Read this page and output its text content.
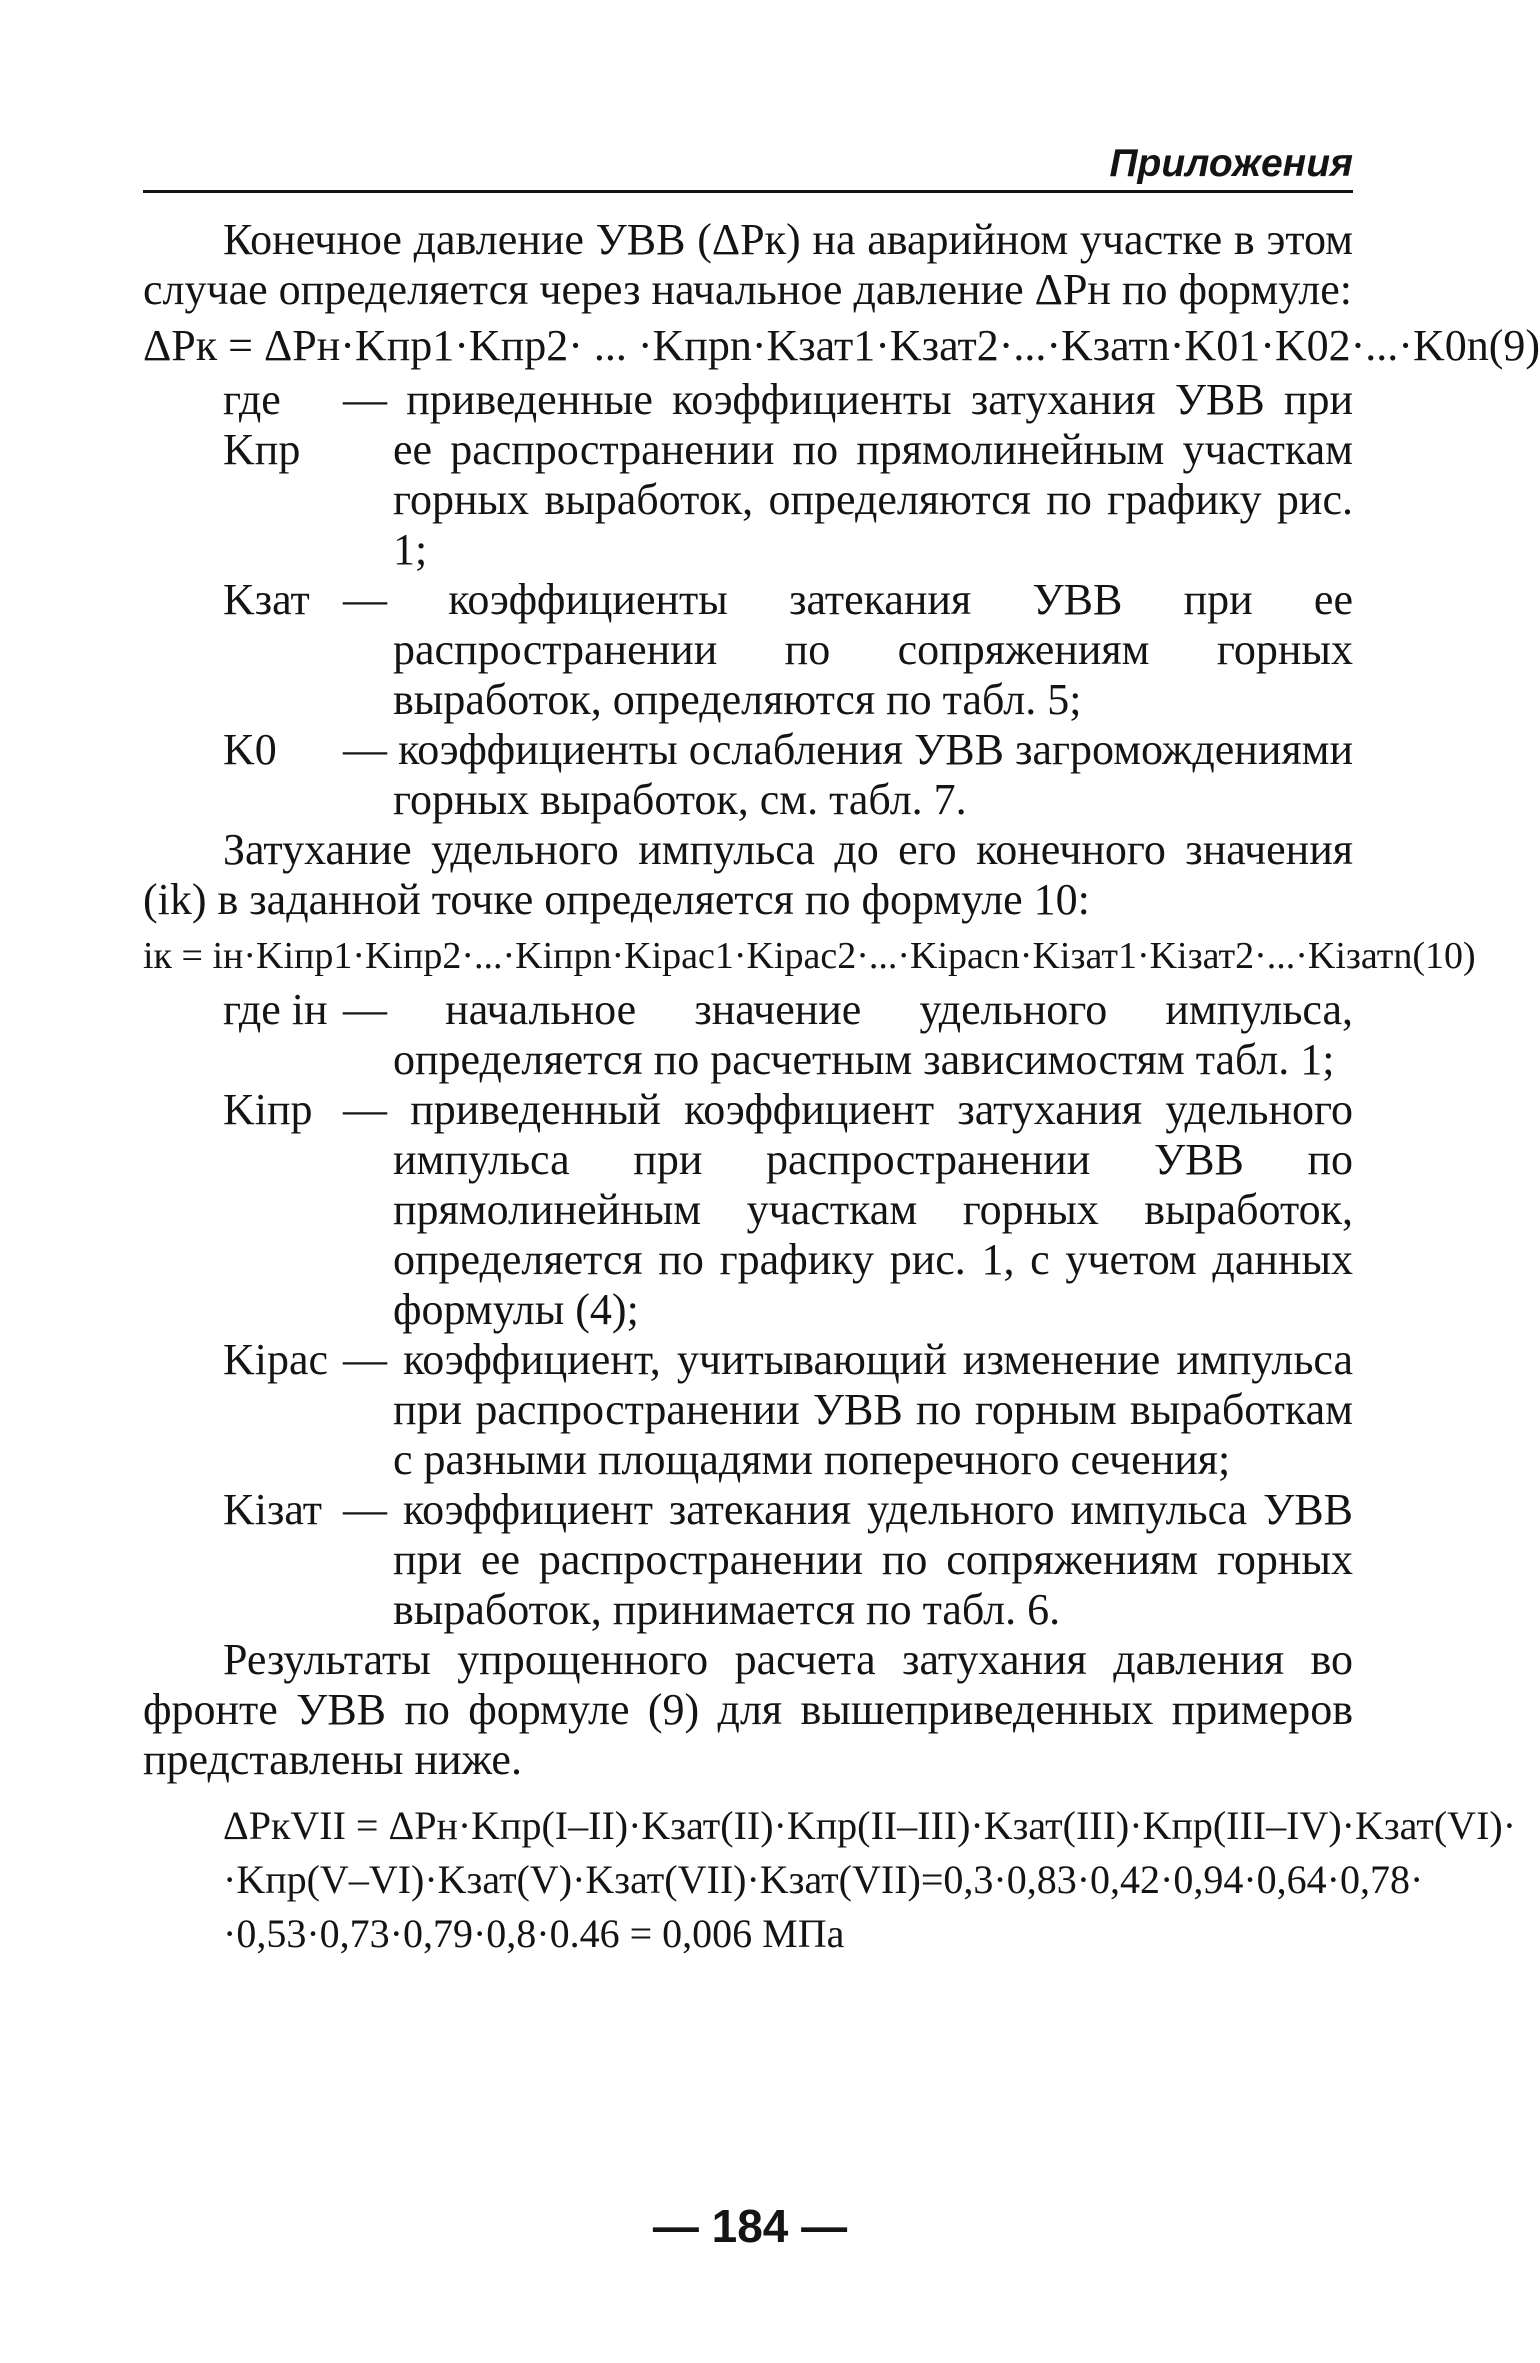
Приложения

Конечное давление УВВ (ΔPк) на аварийном участке в этом случае определяется через начальное давление ΔPн по формуле:

ΔPк = ΔPн·Kпр1·Kпр2· ... ·Kпрn·Kзат1·Kзат2·...·Kзатn·K01·K02·...·K0n (9)
где Kпр
— приведенные коэффициенты затухания УВВ при ее распространении по прямолинейным участкам горных выработок, определяются по графику рис. 1;
Kзат — коэффициенты затекания УВВ при ее распространении по сопряжениям горных выработок, определяются по табл. 5;
K0	— коэффициенты ослабления УВВ загромождениями горных выработок, см. табл. 7.

Затухание удельного импульса до его конечного значения (ik) в заданной точке определяется по формуле 10:

iк = iн·Kiпр1·Kiпр2·...·Kiпрn·Kiрас1·Kiрас2·...·Kiрасn·Kiзат1·Kiзат2·...·Kiзатn (10)
где iн — начальное значение удельного импульса, определяется по расчетным зависимостям табл. 1;
Kiпр — приведенный коэффициент затухания удельного импульса при распространении УВВ по прямолинейным участкам горных выработок, определяется по графику рис. 1, с учетом данных формулы (4);
Kiрас — коэффициент, учитывающий изменение импульса при распространении УВВ по горным выработкам с разными площадями поперечного сечения;
Kiзат — коэффициент затекания удельного импульса УВВ при ее распространении по сопряжениям горных выработок, принимается по табл. 6.

Результаты упрощенного расчета затухания давления во фронте УВВ по формуле (9) для вышеприведенных примеров представлены ниже.

ΔPкVII = ΔPн·Kпр(I–II)·Kзат(II)·Kпр(II–III)·Kзат(III)·Kпр(III–IV)·Kзат(VI)·
·Kпр(V–VI)·Kзат(V)·Kзат(VII)·Kзат(VII)=0,3·0,83·0,42·0,94·0,64·0,78·
·0,53·0,73·0,79·0,8·0.46 = 0,006 МПа
— 184 —
